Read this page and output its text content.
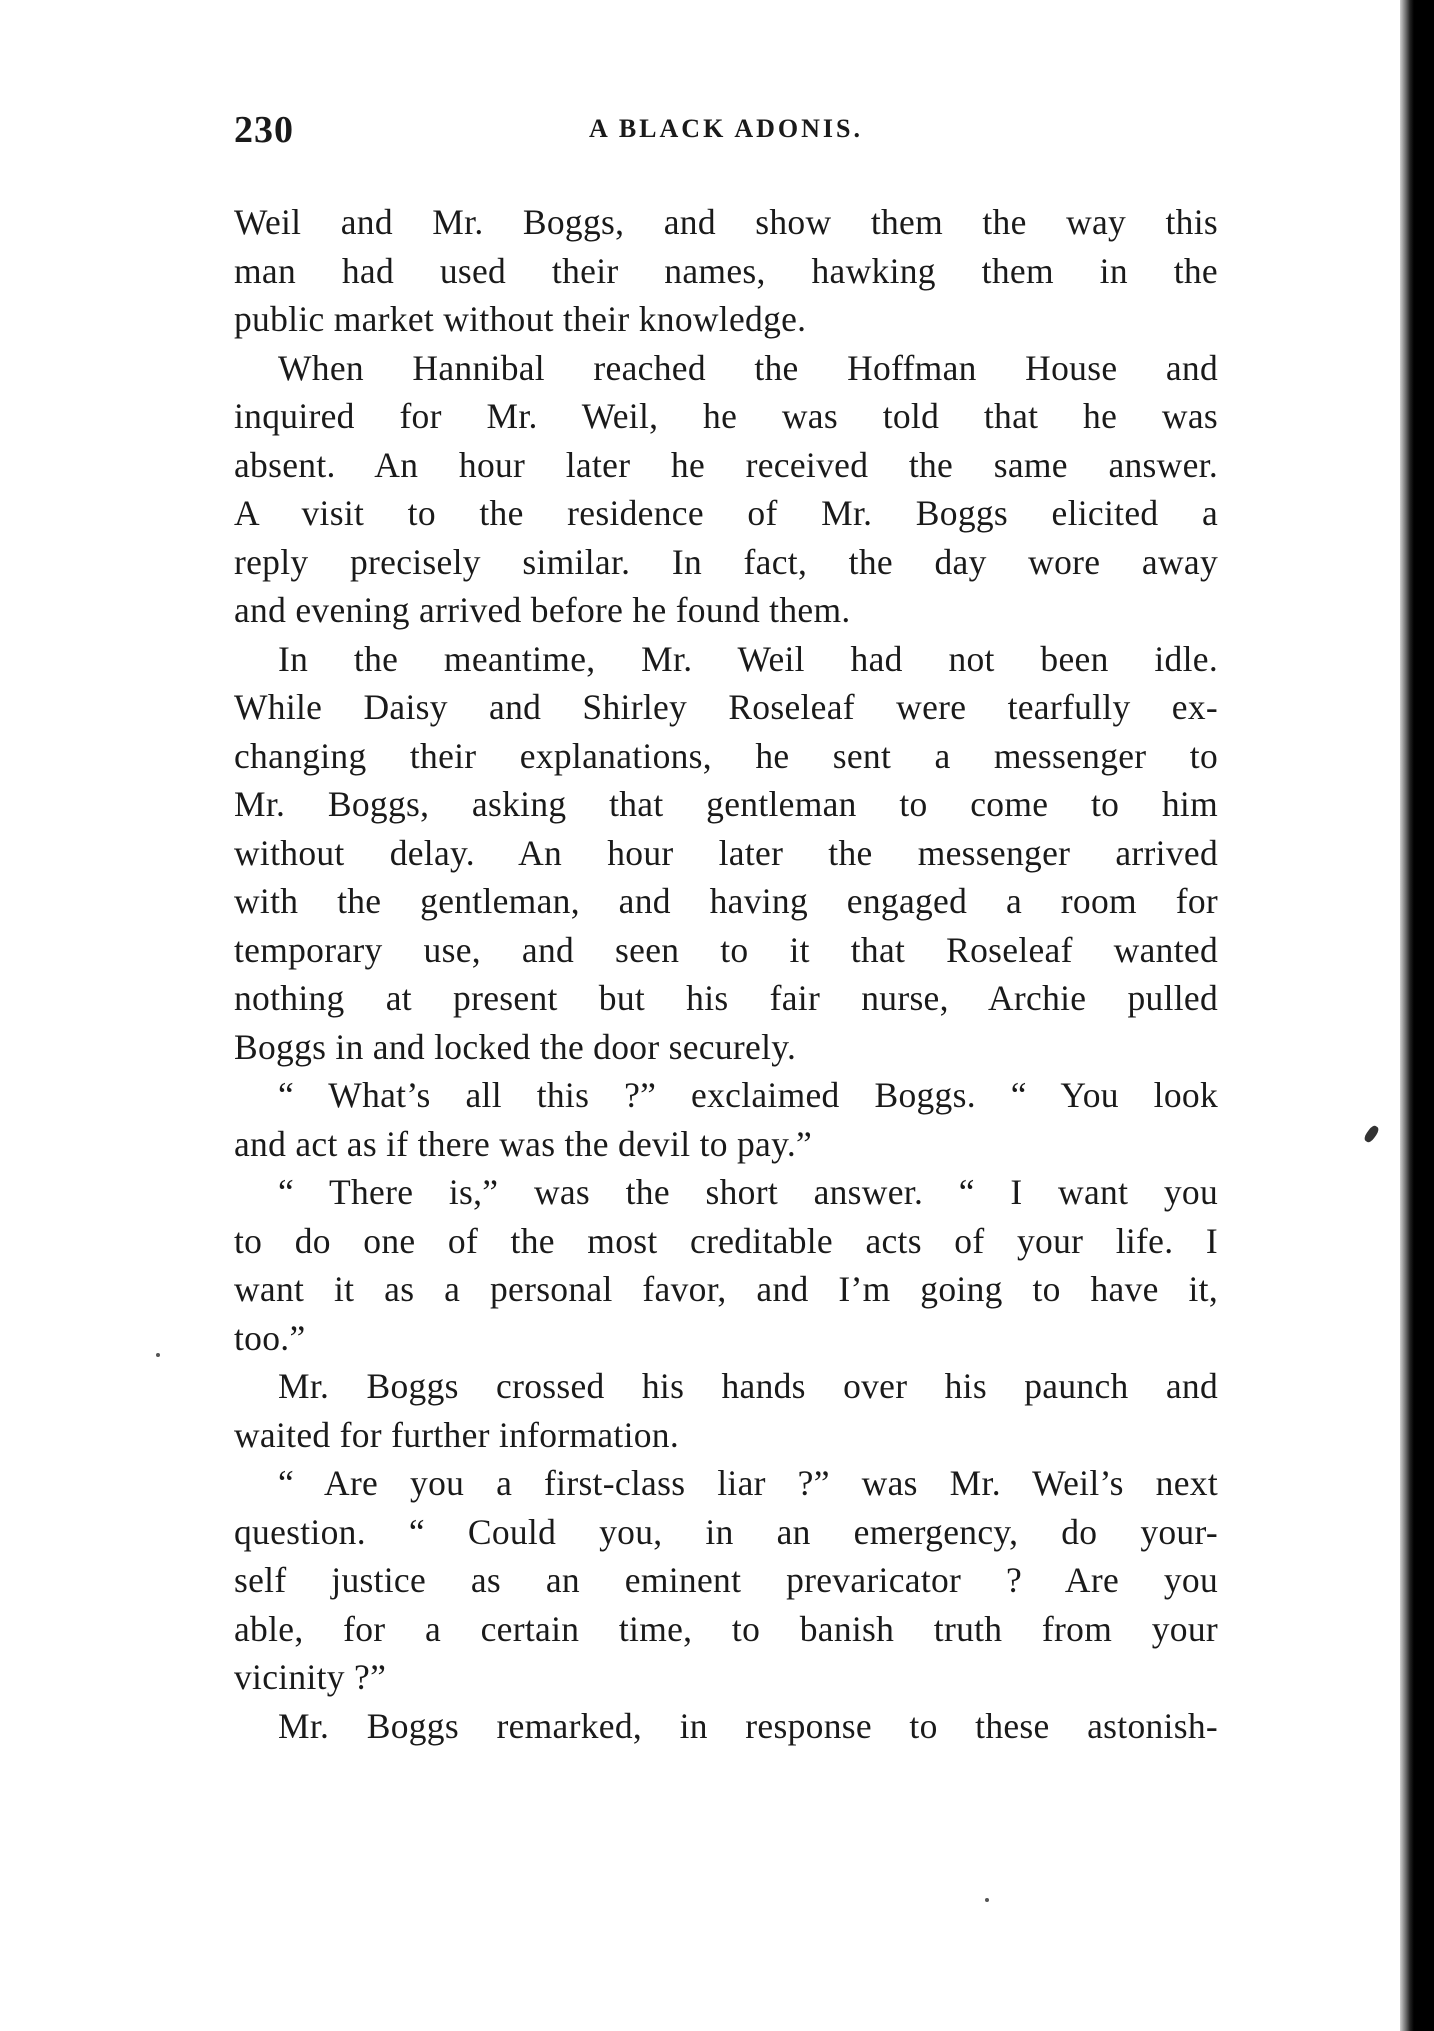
230	A BLACK ADONIS.
Weil and Mr. Boggs, and show them the way this
man had used their names, hawking them in the
public market without their knowledge.
When Hannibal reached the Hoffman House and
inquired for Mr. Weil, he was told that he was
absent. An hour later he received the same answer.
A visit to the residence of Mr. Boggs elicited a
reply precisely similar. In fact, the day wore away
and evening arrived before he found them.
In the meantime, Mr. Weil had not been idle.
While Daisy and Shirley Roseleaf were tearfully ex-
changing their explanations, he sent a messenger to
Mr. Boggs, asking that gentleman to come to him
without delay. An hour later the messenger arrived
with the gentleman, and having engaged a room for
temporary use, and seen to it that Roseleaf wanted
nothing at present but his fair nurse, Archie pulled
Boggs in and locked the door securely.
“ What’s all this ?” exclaimed Boggs. “ You look
and act as if there was the devil to pay.”
“ There is,” was the short answer. “ I want you
to do one of the most creditable acts of your life. I
want it as a personal favor, and I’m going to have it,
too.”
Mr. Boggs crossed his hands over his paunch and
waited for further information.
“ Are you a first-class liar ?” was Mr. Weil’s next
question. “ Could you, in an emergency, do your-
self justice as an eminent prevaricator ? Are you
able, for a certain time, to banish truth from your
vicinity ?”
Mr. Boggs remarked, in response to these astonish-
